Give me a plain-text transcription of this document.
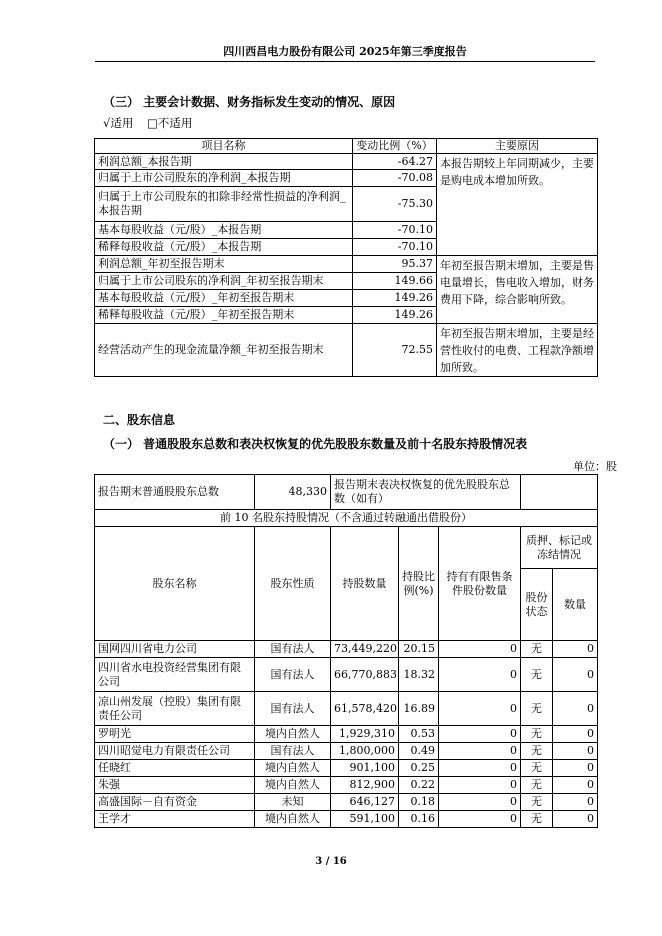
四川西昌电力股份有限公司 2025年第三季度报告
（三） 主要会计数据、财务指标发生变动的情况、原因
√适用 □不适用
项目名称	变动比例（%）	主要原因
利润总额_本报告期	-64.27	本报告期较上年同期减少，主要是购电成本增加所致。
归属于上市公司股东的净利润_本报告期	-70.08	
归属于上市公司股东的扣除非经常性损益的净利润_本报告期	-75.30	
基本每股收益（元/股）_本报告期	-70.10	
稀释每股收益（元/股）_本报告期	-70.10	
利润总额_年初至报告期末	95.37	年初至报告期末增加，主要是售电量增长，售电收入增加，财务费用下降，综合影响所致。
归属于上市公司股东的净利润_年初至报告期末	149.66	
基本每股收益（元/股）_年初至报告期末	149.26	
稀释每股收益（元/股）_年初至报告期末	149.26	
经营活动产生的现金流量净额_年初至报告期末	72.55	年初至报告期末增加，主要是经营性收付的电费、工程款净额增加所致。
二、股东信息
（一） 普通股股东总数和表决权恢复的优先股股东数量及前十名股东持股情况表
单位：股
报告期末普通股股东总数	48,330	报告期末表决权恢复的优先股股东总数（如有）				
前 10 名股东持股情况（不含通过转融通出借股份）						
股东名称	股东性质	持股数量	持股比例(%)	持有有限售条件股份数量	质押、标记或冻结情况	
					股份状态	数量
国网四川省电力公司	国有法人	73,449,220	20.15	0	无	0
四川省水电投资经营集团有限公司	国有法人	66,770,883	18.32	0	无	0
凉山州发展（控股）集团有限责任公司	国有法人	61,578,420	16.89	0	无	0
罗明光	境内自然人	1,929,310	0.53	0	无	0
四川昭觉电力有限责任公司	国有法人	1,800,000	0.49	0	无	0
任晓红	境内自然人	901,100	0.25	0	无	0
朱强	境内自然人	812,900	0.22	0	无	0
高盛国际－自有资金	未知	646,127	0.18	0	无	0
王学才	境内自然人	591,100	0.16	0	无	0
3 / 16
